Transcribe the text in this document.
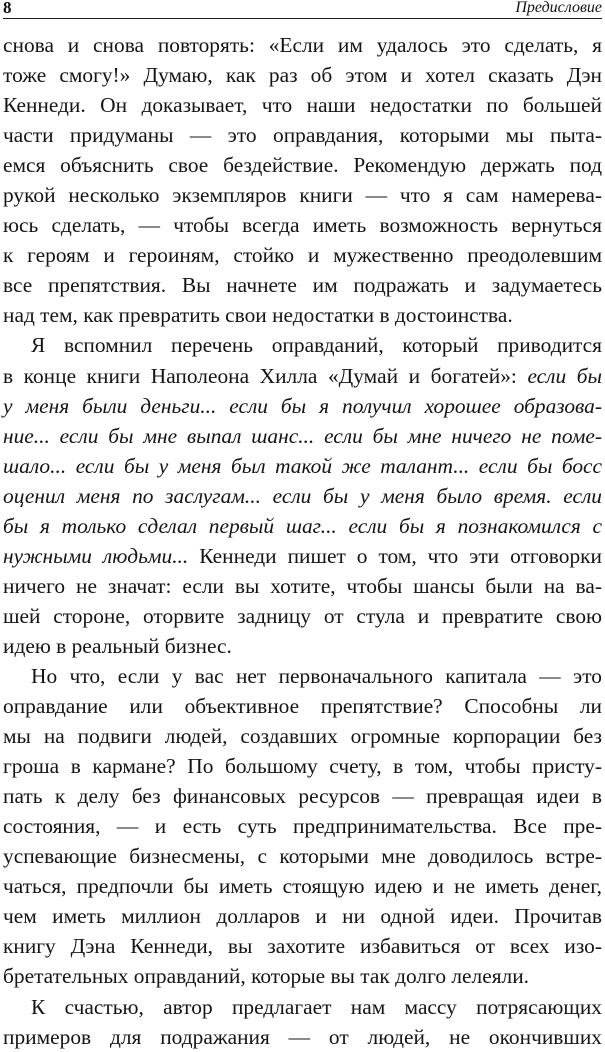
8	Предисловие
снова и снова повторять: «Если им удалось это сделать, я
тоже смогу!» Думаю, как раз об этом и хотел сказать Дэн
Кеннеди. Он доказывает, что наши недостатки по большей
части придуманы — это оправдания, которыми мы пыта-
емся объяснить свое бездействие. Рекомендую держать под
рукой несколько экземпляров книги — что я сам намерева-
юсь сделать, — чтобы всегда иметь возможность вернуться
к героям и героиням, стойко и мужественно преодолевшим
все препятствия. Вы начнете им подражать и задумаетесь
над тем, как превратить свои недостатки в достоинства.
Я вспомнил перечень оправданий, который приводится
в конце книги Наполеона Хилла «Думай и богатей»: если бы
у меня были деньги... если бы я получил хорошее образова-
ние... если бы мне выпал шанс... если бы мне ничего не поме-
шало... если бы у меня был такой же талант... если бы босс
оценил меня по заслугам... если бы у меня было время. если
бы я только сделал первый шаг... если бы я познакомился с
нужными людьми... Кеннеди пишет о том, что эти отговорки
ничего не значат: если вы хотите, чтобы шансы были на ва-
шей стороне, оторвите задницу от стула и превратите свою
идею в реальный бизнес.
Но что, если у вас нет первоначального капитала — это
оправдание или объективное препятствие? Способны ли
мы на подвиги людей, создавших огромные корпорации без
гроша в кармане? По большому счету, в том, чтобы присту-
пать к делу без финансовых ресурсов — превращая идеи в
состояния, — и есть суть предпринимательства. Все пре-
успевающие бизнесмены, с которыми мне доводилось встре-
чаться, предпочли бы иметь стоящую идею и не иметь денег,
чем иметь миллион долларов и ни одной идеи. Прочитав
книгу Дэна Кеннеди, вы захотите избавиться от всех изо-
бретательных оправданий, которые вы так долго лелеяли.
К счастью, автор предлагает нам массу потрясающих
примеров для подражания — от людей, не окончивших
